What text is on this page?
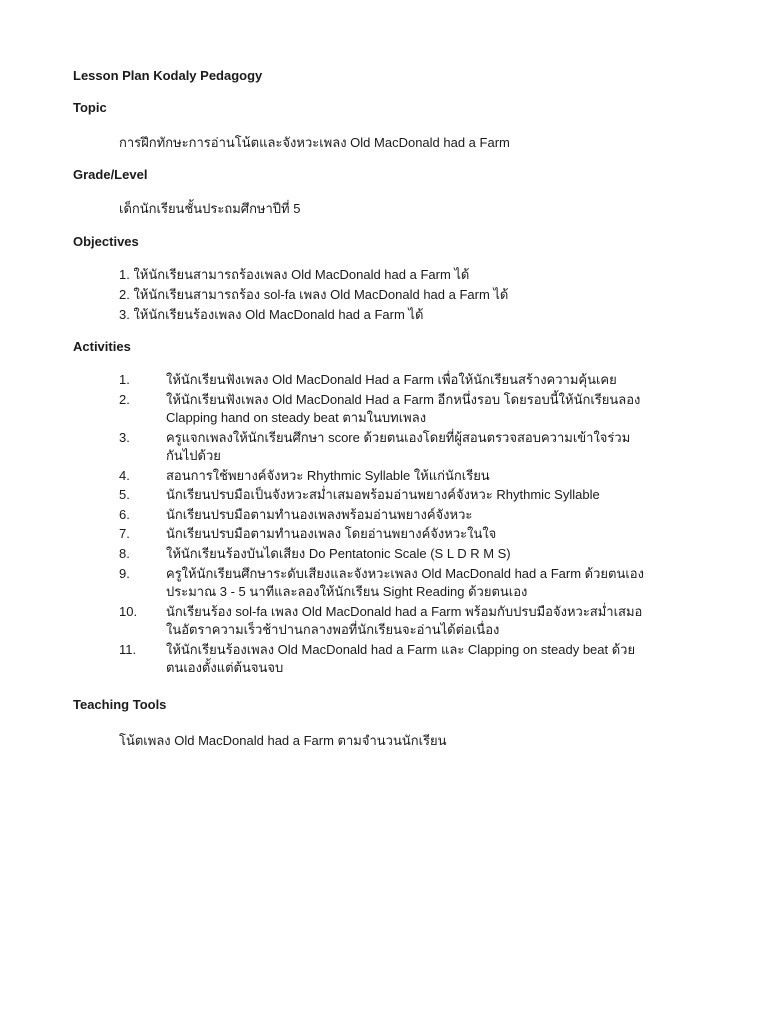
Lesson Plan Kodaly Pedagogy
Topic
การฝึกทักษะการอ่านโน้ตและจังหวะเพลง Old MacDonald had a Farm
Grade/Level
เด็กนักเรียนชั้นประถมศึกษาปีที่ 5
Objectives
1. ให้นักเรียนสามารถร้องเพลง Old MacDonald had a Farm ได้
2. ให้นักเรียนสามารถร้อง sol-fa เพลง Old MacDonald had a Farm ได้
3. ให้นักเรียนร้องเพลง Old MacDonald had a Farm ได้
Activities
1.	ให้นักเรียนฟังเพลง Old MacDonald Had a Farm เพื่อให้นักเรียนสร้างความคุ้นเคย
2.	ให้นักเรียนฟังเพลง Old MacDonald Had a Farm อีกหนึ่งรอบ โดยรอบนี้ให้นักเรียนลอง
Clapping hand on steady beat ตามในบทเพลง
3.	ครูแจกเพลงให้นักเรียนศึกษา score ด้วยตนเองโดยที่ผู้สอนตรวจสอบความเข้าใจร่วม
กันไปด้วย
4.	สอนการใช้พยางค์จังหวะ Rhythmic Syllable ให้แก่นักเรียน
5.	นักเรียนปรบมือเป็นจังหวะสม่ำเสมอพร้อมอ่านพยางค์จังหวะ Rhythmic Syllable
6.	นักเรียนปรบมือตามทำนองเพลงพร้อมอ่านพยางค์จังหวะ
7.	นักเรียนปรบมือตามทำนองเพลง โดยอ่านพยางค์จังหวะในใจ
8.	ให้นักเรียนร้องบันไดเสียง Do Pentatonic Scale (S L D R M S)
9.	ครูให้นักเรียนศึกษาระดับเสียงและจังหวะเพลง Old MacDonald had a Farm ด้วยตนเอง
ประมาณ 3 - 5 นาทีและลองให้นักเรียน Sight Reading ด้วยตนเอง
10.	นักเรียนร้อง sol-fa เพลง Old MacDonald had a Farm พร้อมกับปรบมือจังหวะสม่ำเสมอ
ในอัตราความเร็วช้าปานกลางพอที่นักเรียนจะอ่านได้ต่อเนื่อง
11.	ให้นักเรียนร้องเพลง Old MacDonald had a Farm และ Clapping on steady beat ด้วย
ตนเองตั้งแต่ต้นจนจบ
Teaching Tools
โน้ตเพลง Old MacDonald had a Farm ตามจำนวนนักเรียน
